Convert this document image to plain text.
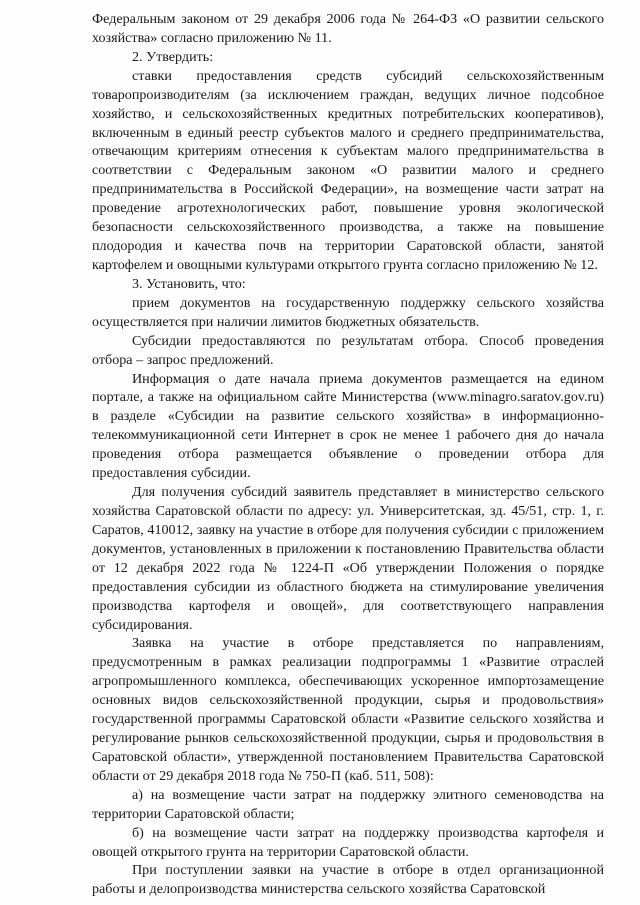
Федеральным законом от 29 декабря 2006 года № 264-ФЗ «О развитии сельского хозяйства» согласно приложению № 11.

2. Утвердить:

ставки предоставления средств субсидий сельскохозяйственным товаропроизводителям (за исключением граждан, ведущих личное подсобное хозяйство, и сельскохозяйственных кредитных потребительских кооперативов), включенным в единый реестр субъектов малого и среднего предпринимательства, отвечающим критериям отнесения к субъектам малого предпринимательства в соответствии с Федеральным законом «О развитии малого и среднего предпринимательства в Российской Федерации», на возмещение части затрат на проведение агротехнологических работ, повышение уровня экологической безопасности сельскохозяйственного производства, а также на повышение плодородия и качества почв на территории Саратовской области, занятой картофелем и овощными культурами открытого грунта согласно приложению № 12.

3. Установить, что:

прием документов на государственную поддержку сельского хозяйства осуществляется при наличии лимитов бюджетных обязательств.

Субсидии предоставляются по результатам отбора. Способ проведения отбора – запрос предложений.

Информация о дате начала приема документов размещается на едином портале, а также на официальном сайте Министерства (www.minagro.saratov.gov.ru) в разделе «Субсидии на развитие сельского хозяйства» в информационно-телекоммуникационной сети Интернет в срок не менее 1 рабочего дня до начала проведения отбора размещается объявление о проведении отбора для предоставления субсидии.

Для получения субсидий заявитель представляет в министерство сельского хозяйства Саратовской области по адресу: ул. Университетская, зд. 45/51, стр. 1, г. Саратов, 410012, заявку на участие в отборе для получения субсидии с приложением документов, установленных в приложении к постановлению Правительства области от 12 декабря 2022 года № 1224-П «Об утверждении Положения о порядке предоставления субсидии из областного бюджета на стимулирование увеличения производства картофеля и овощей», для соответствующего направления субсидирования.

Заявка на участие в отборе представляется по направлениям, предусмотренным в рамках реализации подпрограммы 1 «Развитие отраслей агропромышленного комплекса, обеспечивающих ускоренное импортозамещение основных видов сельскохозяйственной продукции, сырья и продовольствия» государственной программы Саратовской области «Развитие сельского хозяйства и регулирование рынков сельскохозяйственной продукции, сырья и продовольствия в Саратовской области», утвержденной постановлением Правительства Саратовской области от 29 декабря 2018 года № 750-П (каб. 511, 508):

а) на возмещение части затрат на поддержку элитного семеноводства на территории Саратовской области;

б) на возмещение части затрат на поддержку производства картофеля и овощей открытого грунта на территории Саратовской области.

При поступлении заявки на участие в отборе в отдел организационной работы и делопроизводства министерства сельского хозяйства Саратовской
